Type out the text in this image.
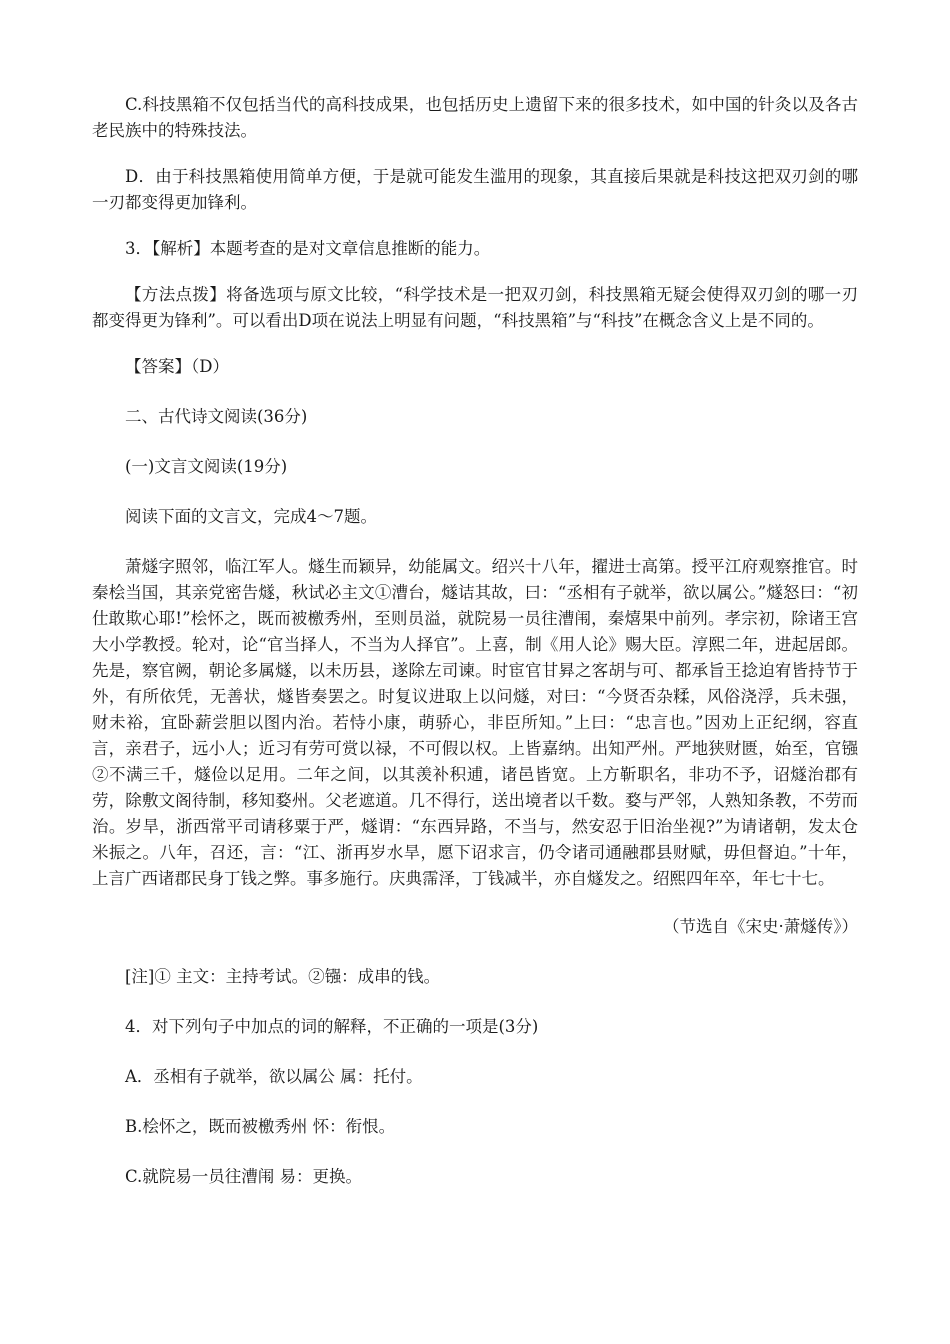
C.科技黑箱不仅包括当代的高科技成果，也包括历史上遗留下来的很多技术，如中国的针灸以及各古老民族中的特殊技法。

D．由于科技黑箱使用简单方便，于是就可能发生滥用的现象，其直接后果就是科技这把双刃剑的哪一刃都变得更加锋利。

3．【解析】本题考查的是对文章信息推断的能力。

【方法点拨】将备选项与原文比较，“科学技术是一把双刃剑，科技黑箱无疑会使得双刃剑的哪一刃都变得更为锋利”。可以看出D项在说法上明显有问题，“科技黑箱”与“科技”在概念含义上是不同的。

【答案】（D）

二、古代诗文阅读(36分)

(一)文言文阅读(19分)

阅读下面的文言文，完成4～7题。

萧燧字照邻，临江军人。燧生而颖异，幼能属文。绍兴十八年，擢进士高第。授平江府观察推官。时秦桧当国，其亲党密告燧，秋试必主文①漕台，燧诘其故，曰：“丞相有子就举，欲以属公。”燧怒曰：“初仕敢欺心耶!”桧怀之，既而被檄秀州，至则员溢，就院易一员往漕闱，秦熺果中前列。孝宗初，除诸王宫大小学教授。轮对，论“官当择人，不当为人择官”。上喜，制《用人论》赐大臣。淳熙二年，进起居郎。先是，察官阙，朝论多属燧，以未历县，遂除左司谏。时宦官甘昪之客胡与可、都承旨王捻迫宥皆持节于外，有所依凭，无善状，燧皆奏罢之。时复议进取上以问燧，对曰：“今贤否杂糅，风俗浇浮，兵未强，财未裕，宜卧薪尝胆以图内治。若恃小康，萌骄心，非臣所知。”上曰：“忠言也。”因劝上正纪纲，容直言，亲君子，远小人；近习有劳可赏以禄，不可假以权。上皆嘉纳。出知严州。严地狭财匮，始至，官镪②不满三千，燧俭以足用。二年之间，以其羡补积逋，诸邑皆宽。上方靳职名，非功不予，诏燧治郡有劳，除敷文阁待制，移知婺州。父老遮道。几不得行，送出境者以千数。婺与严邻，人熟知条教，不劳而治。岁旱，浙西常平司请移粟于严，燧谓：“东西异路，不当与，然安忍于旧治坐视?”为请诸朝，发太仓米振之。八年，召还，言：“江、浙再岁水旱，愿下诏求言，仍令诸司通融郡县财赋，毋但督迫。”十年，上言广西诸郡民身丁钱之弊。事多施行。庆典霈泽，丁钱减半，亦自燧发之。绍熙四年卒，年七十七。

（节选自《宋史·萧燧传》）

[注]① 主文：主持考试。②镪：成串的钱。

4．对下列句子中加点的词的解释，不正确的一项是(3分)

A．丞相有子就举，欲以属公 属：托付。

B.桧怀之，既而被檄秀州 怀：衔恨。

C.就院易一员往漕闱 易：更换。
